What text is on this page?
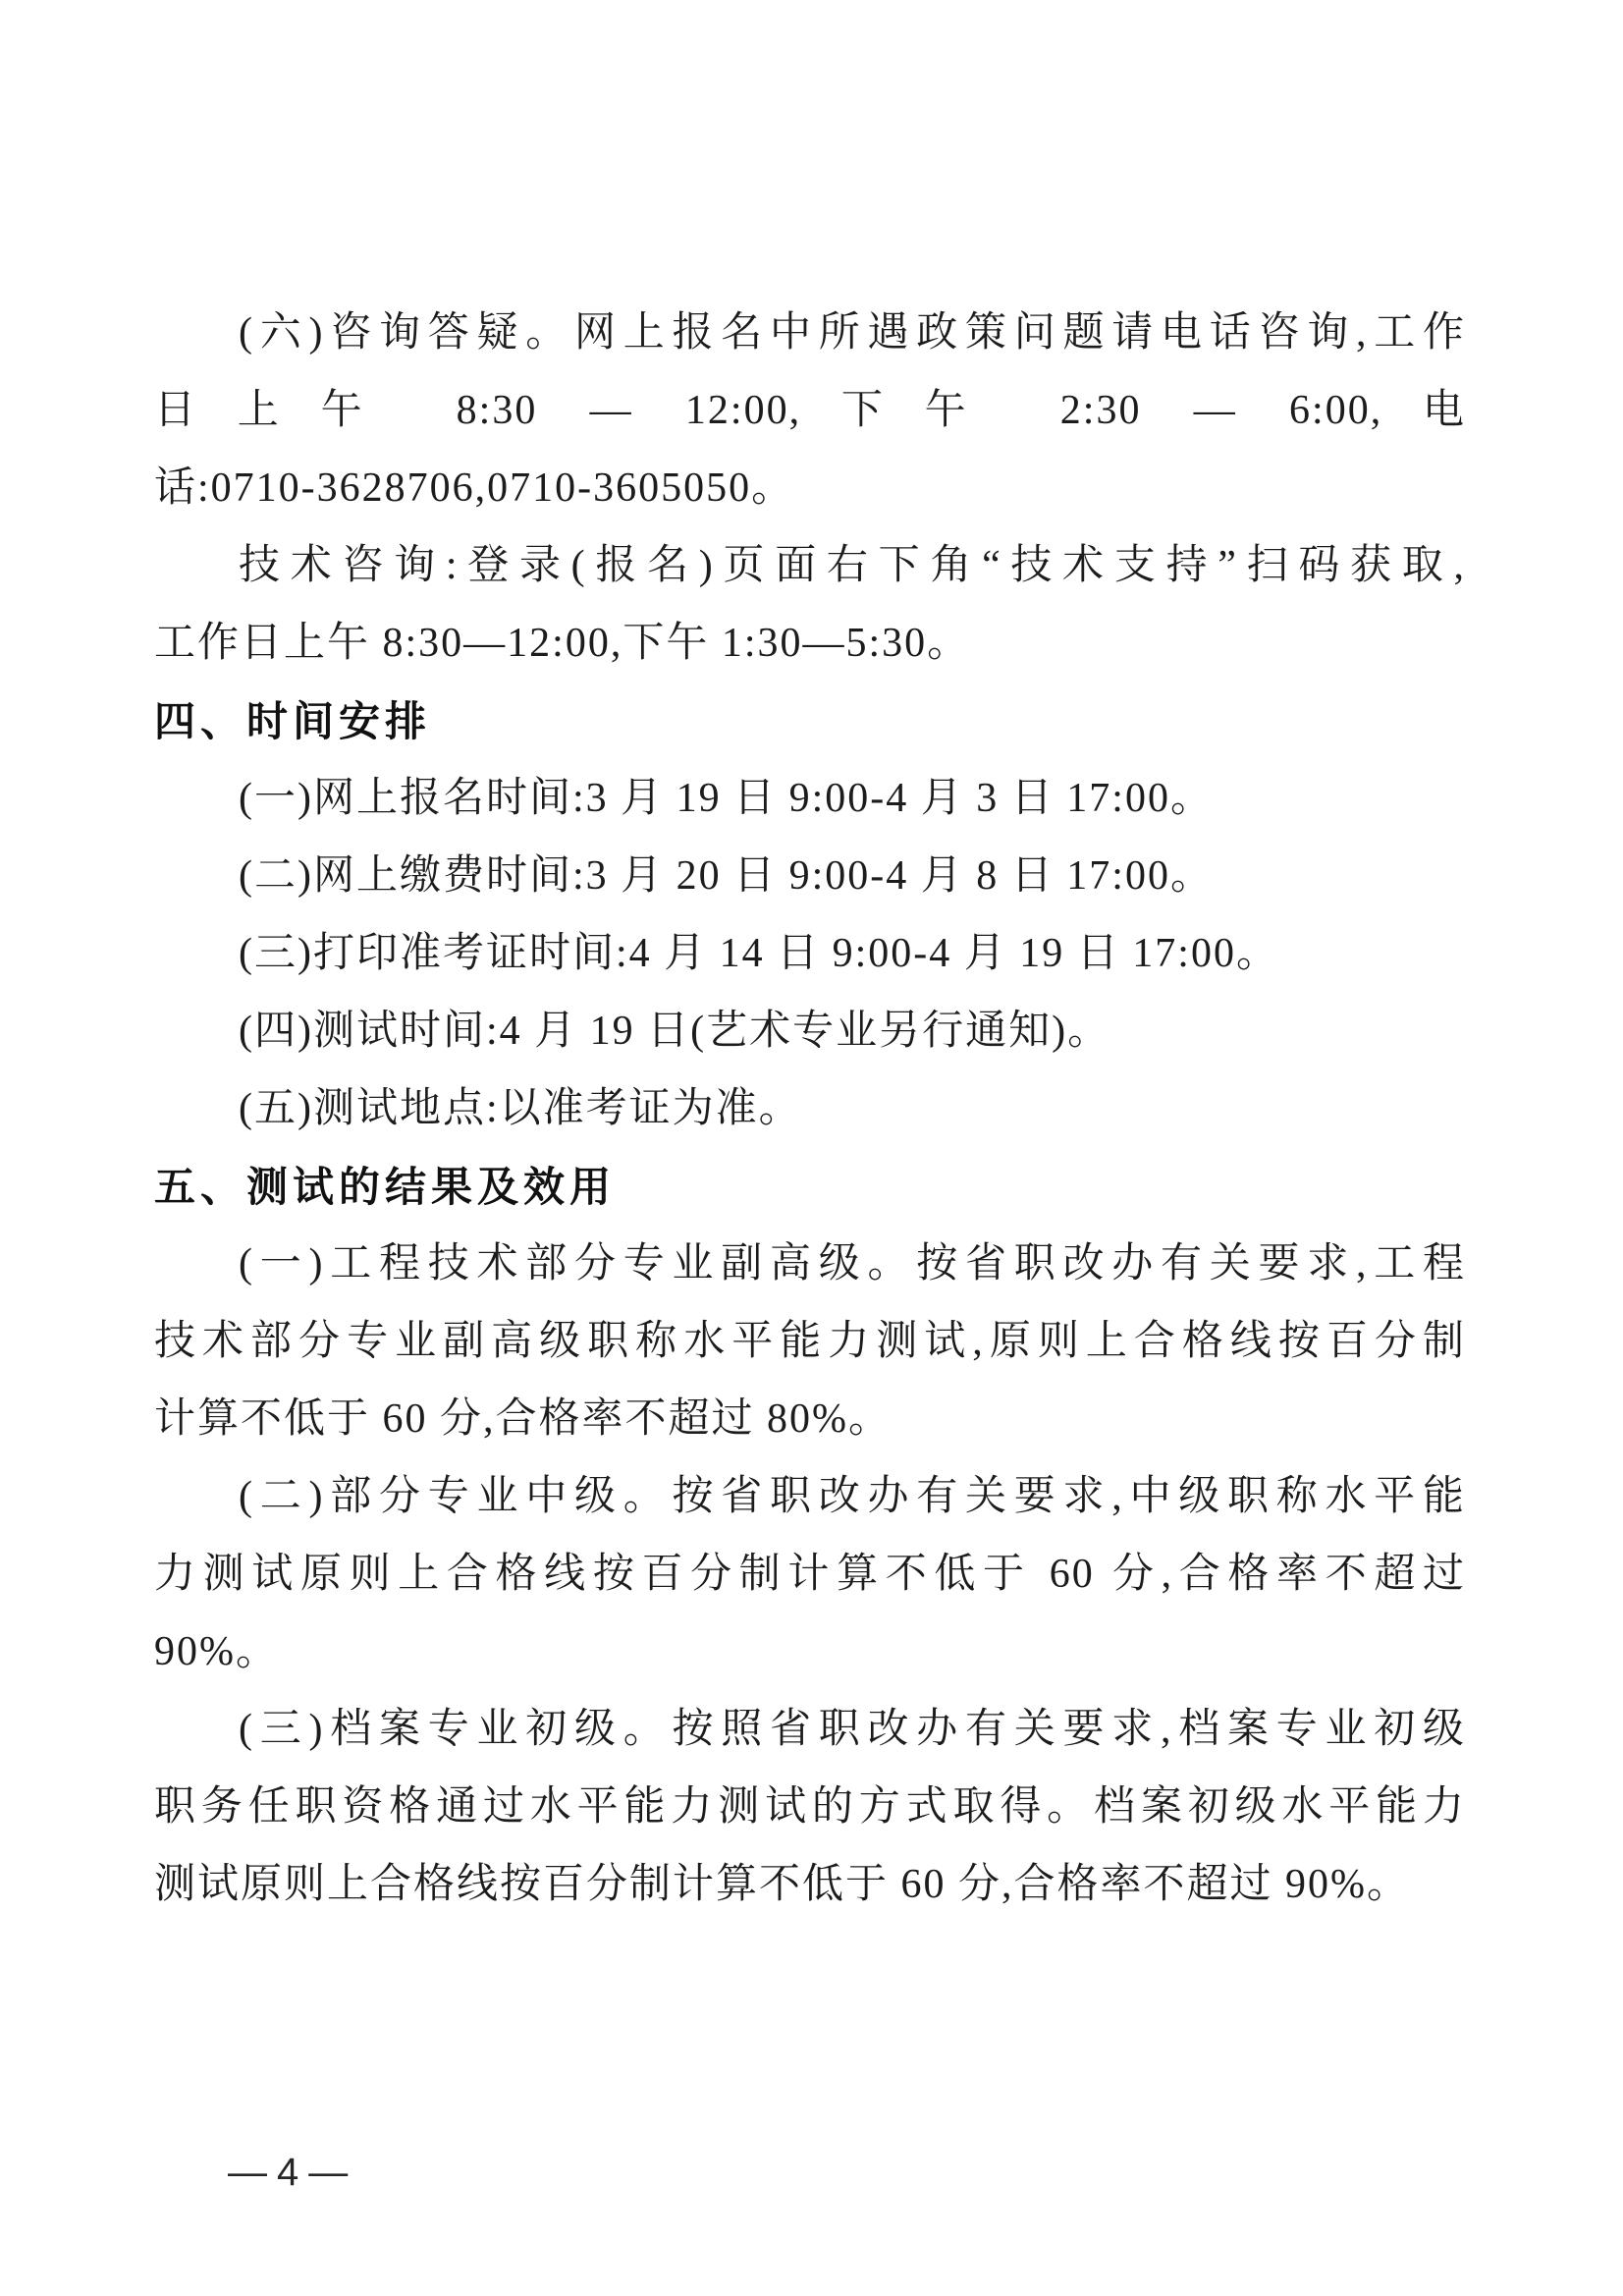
(六)咨询答疑。网上报名中所遇政策问题请电话咨询,工作
日上午 8:30 — 12:00,下午 2:30 — 6:00,电
话:0710-3628706,0710-3605050。
技术咨询:登录(报名)页面右下角“技术支持”扫码获取,
工作日上午 8:30—12:00,下午 1:30—5:30。
四、时间安排
(一)网上报名时间:3 月 19 日 9:00-4 月 3 日 17:00。
(二)网上缴费时间:3 月 20 日 9:00-4 月 8 日 17:00。
(三)打印准考证时间:4 月 14 日 9:00-4 月 19 日 17:00。
(四)测试时间:4 月 19 日(艺术专业另行通知)。
(五)测试地点:以准考证为准。
五、测试的结果及效用
(一)工程技术部分专业副高级。按省职改办有关要求,工程
技术部分专业副高级职称水平能力测试,原则上合格线按百分制
计算不低于 60 分,合格率不超过 80%。
(二)部分专业中级。按省职改办有关要求,中级职称水平能
力测试原则上合格线按百分制计算不低于 60 分,合格率不超过
90%。
(三)档案专业初级。按照省职改办有关要求,档案专业初级
职务任职资格通过水平能力测试的方式取得。档案初级水平能力
测试原则上合格线按百分制计算不低于 60 分,合格率不超过 90%。
—4—
